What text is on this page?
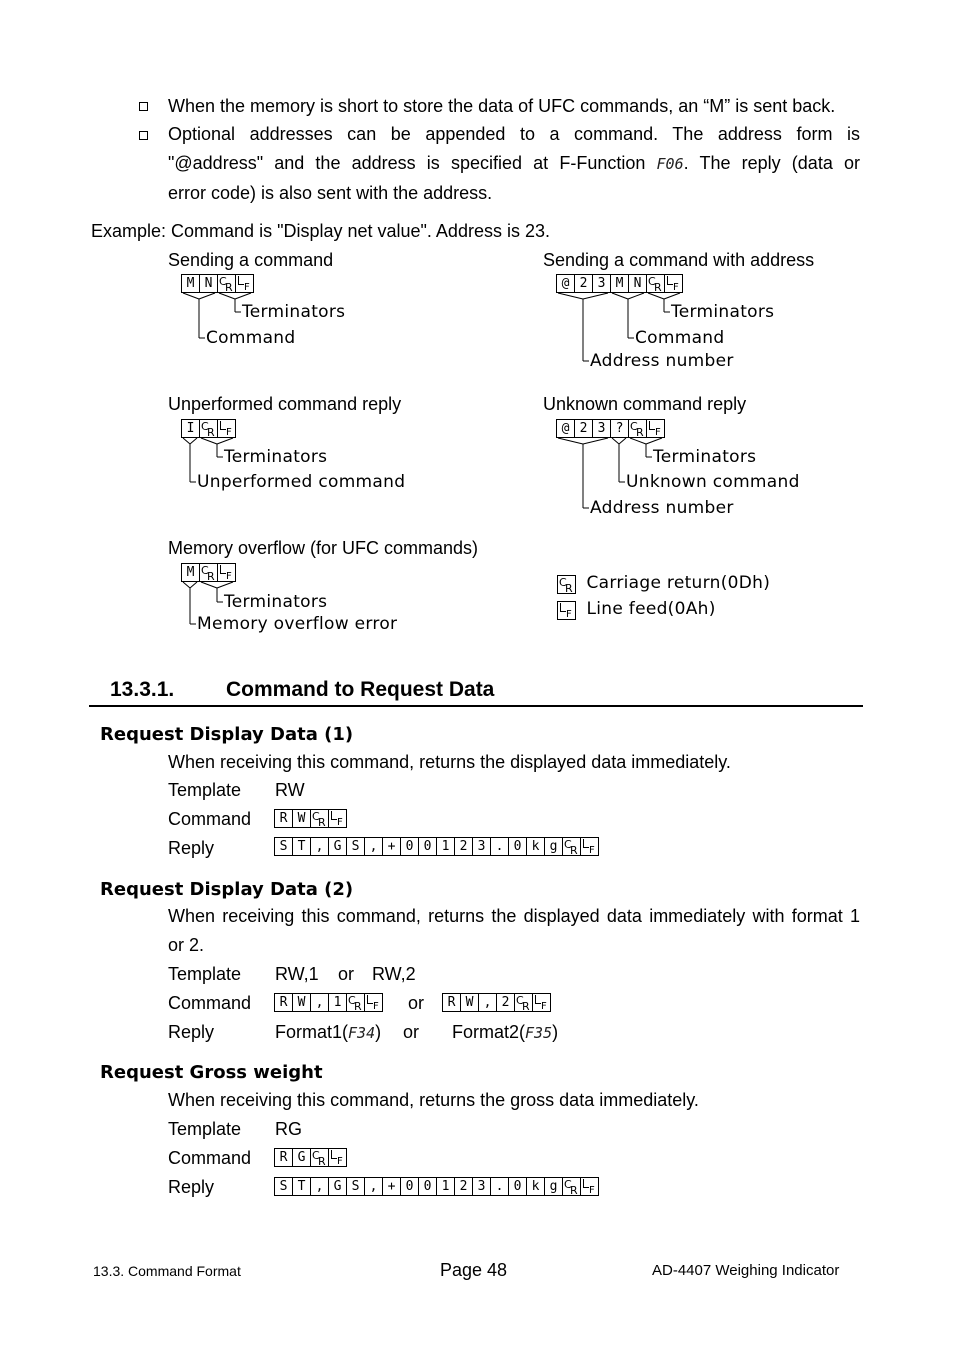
When the memory is short to store the data of UFC commands, an “M” is sent back.
Optional addresses can be appended to a command. The address form is
"@address" and the address is specified at F-Function F06. The reply (data or
error code) is also sent with the address.
Example: Command is "Display net value". Address is 23.
Sending a command
M N C
R F
Terminators
Command
Sending a command with address
@ 2 3 M N C
R F
Terminators
Command
Address number
Unperformed command reply
I C
R F
Terminators
Unperformed command
Unknown command reply
@ 2 3 ? C
R F
Terminators
Unknown command
Address number
Memory overflow (for UFC commands)
M C
R F
Terminators
Memory overflow error
C
R Carriage return(0Dh)
F Line feed(0Ah)
13.3.1. Command to Request Data
Request Display Data (1)
When receiving this command, returns the displayed data immediately.
Template RW
Command	R W C
R F
Reply	S T , G S , + 0 0 1 2 3 . 0 k g C
R F
Request Display Data (2)
When receiving this command, returns the displayed data immediately with format 1
or 2.
Template RW,1 or RW,2
Command	R W , 1 C
R F or	R W , 2 C
R F
Reply	Format1(F34) or Format2(F35)
Request Gross weight
When receiving this command, returns the gross data immediately.
Template RG
Command	R G C
R F
Reply	S T , G S , + 0 0 1 2 3 . 0 k g C
R F
13.3. Command Format	Page 48	AD-4407 Weighing Indicator
